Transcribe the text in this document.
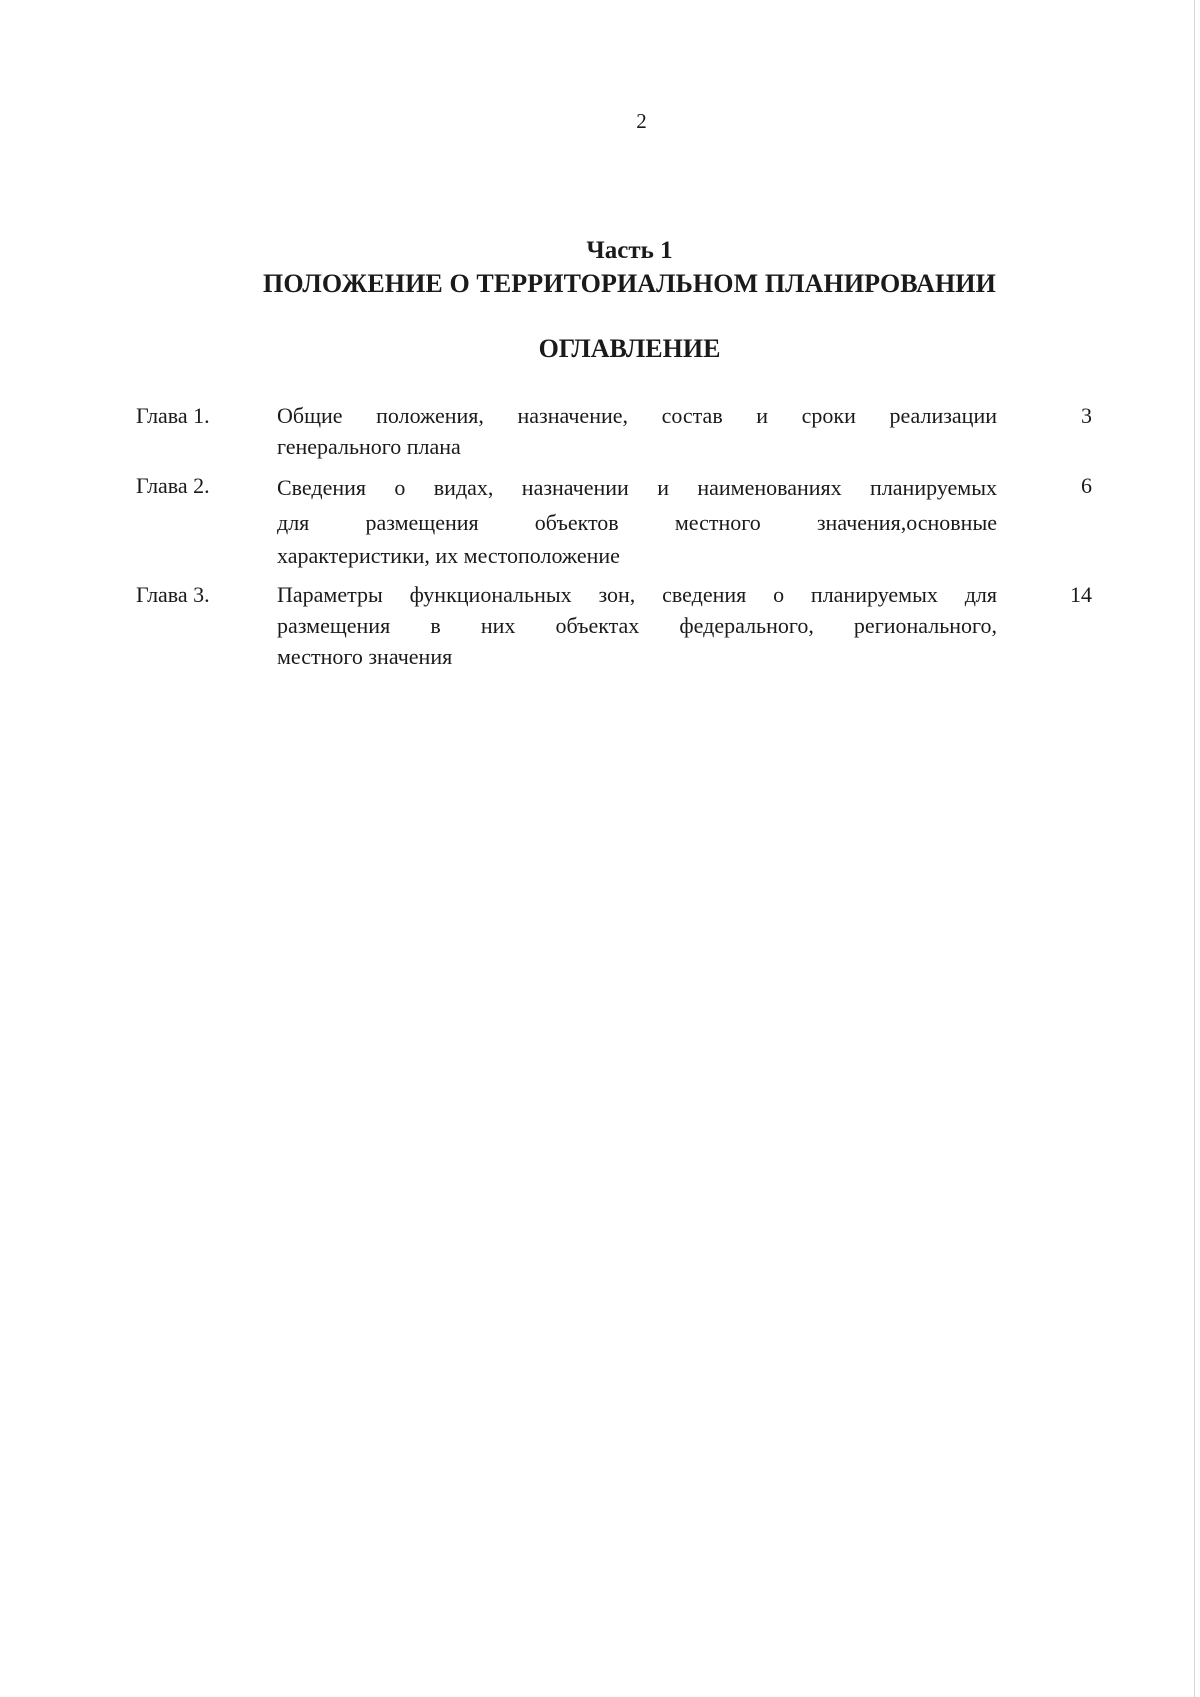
2
Часть 1
ПОЛОЖЕНИЕ О ТЕРРИТОРИАЛЬНОМ ПЛАНИРОВАНИИ
ОГЛАВЛЕНИЕ
Глава 1.	Общие положения, назначение, состав и сроки реализации
генерального плана
3
Глава 2.	Сведения о видах, назначении и наименованиях планируемых
для размещения объектов местного значения,основные
характеристики, их местоположение
6
Глава 3.	Параметры функциональных зон, сведения о планируемых для
размещения в них объектах федерального, регионального,
местного значения
14
